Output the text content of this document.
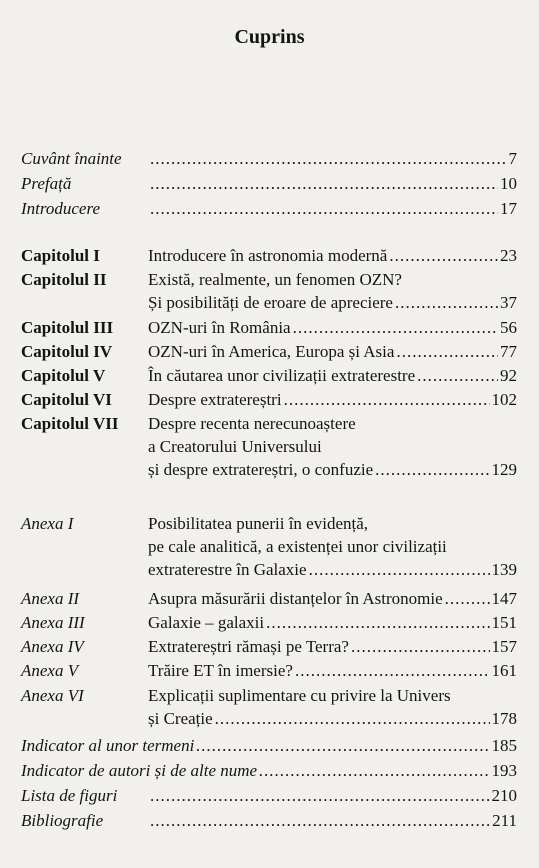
Cuprins
Cuvânt înainte .....	7
Prefață .....	10
Introducere .....	17
Capitolul I	Introducere în astronomia modernă .....	23
Capitolul II Există, realmente, un fenomen OZN?
Și posibilități de eroare de apreciere .....	37
Capitolul III OZN-uri în România .....	56
Capitolul IV OZN-uri în America, Europa și Asia .....	77
Capitolul V	În căutarea unor civilizații extraterestre .....	92
Capitolul VI Despre extratereștri .....	102
Capitolul VII Despre recenta nerecunoaștere
a Creatorului Universului
și despre extratereștri, o confuzie .....	129
Anexa I	Posibilitatea punerii în evidență,
pe cale analitică, a existenței unor civilizații
extraterestre în Galaxie .....	139
Anexa II	Asupra măsurării distanțelor în Astronomie .....	147
Anexa III	Galaxie – galaxii .....	151
Anexa IV	Extratereștri rămași pe Terra? .....	157
Anexa V	Trăire ET în imersie? .....	161
Anexa VI	Explicații suplimentare cu privire la Univers
și Creație .....	178
Indicator al unor termeni .....	185
Indicator de autori și de alte nume .....	193
Lista de figuri .....	210
Bibliografie .....	211
